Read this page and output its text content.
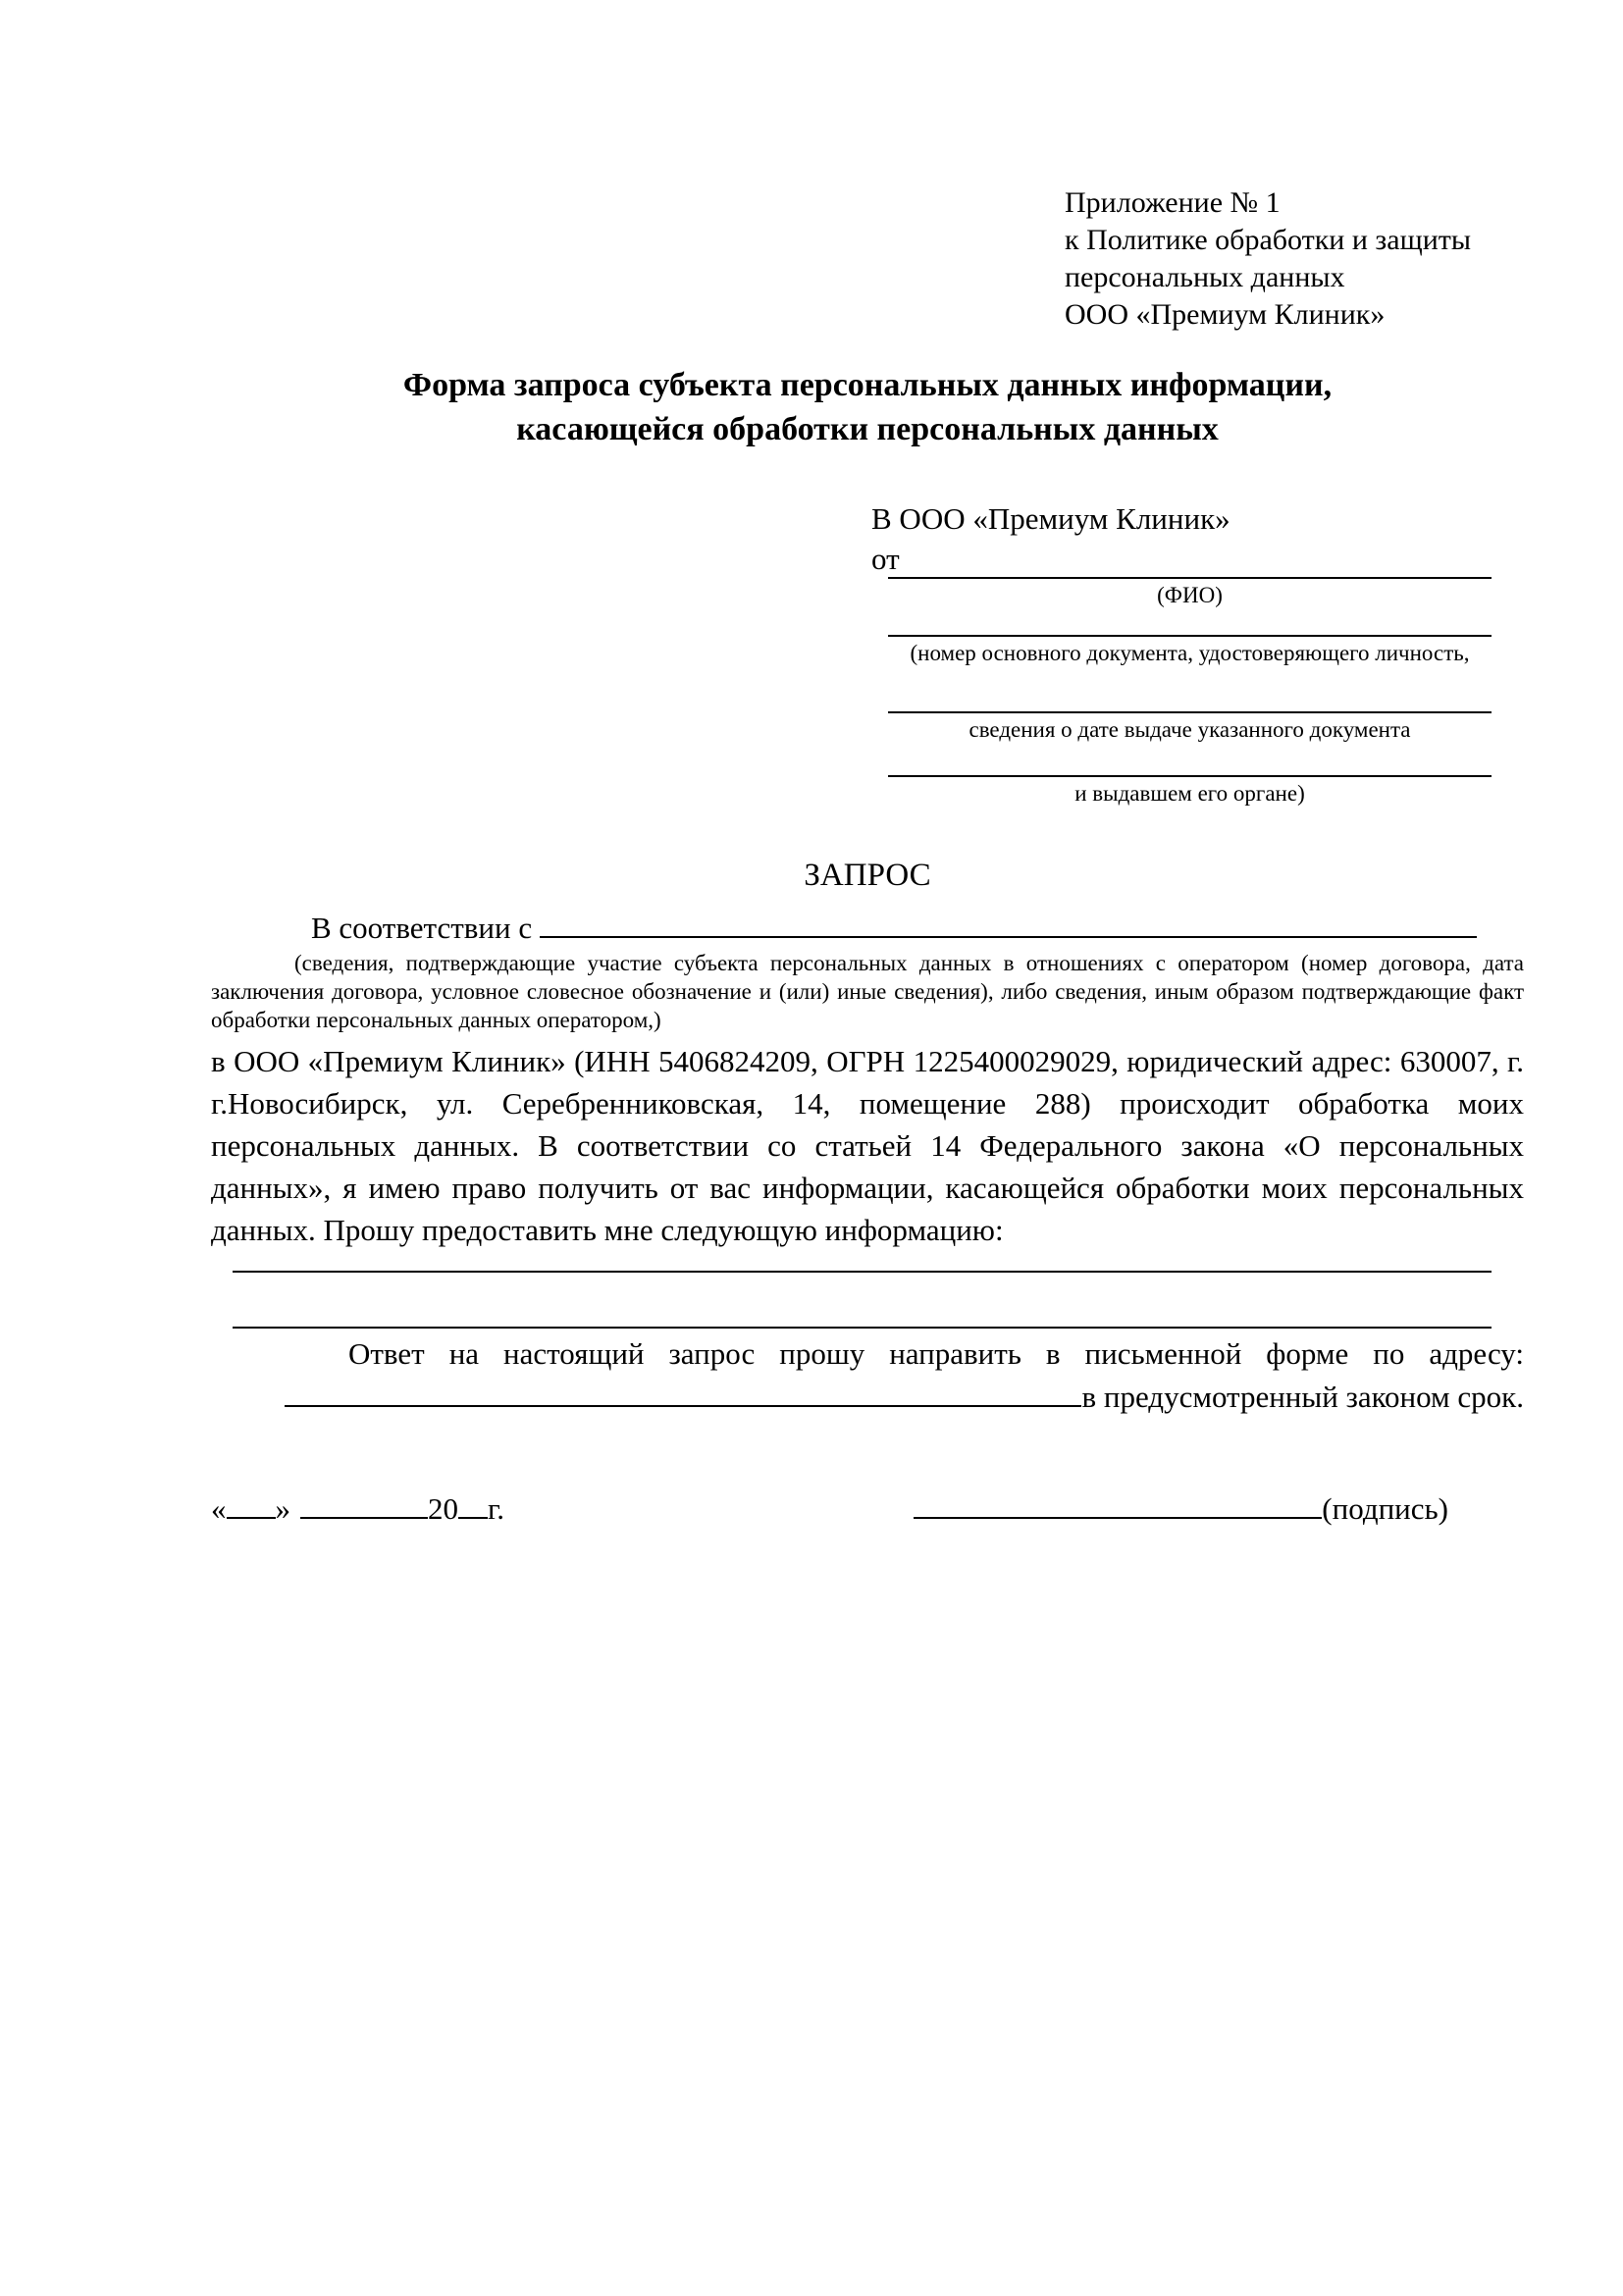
Приложение № 1
к Политике обработки и защиты
персональных данных
ООО «Премиум Клиник»
Форма запроса субъекта персональных данных информации,
касающейся обработки персональных данных
В ООО «Премиум Клиник»
от
(ФИО)
(номер основного документа, удостоверяющего личность,
сведения о дате выдаче указанного документа
и выдавшем его органе)
ЗАПРОС
В соответствии с
(сведения, подтверждающие участие субъекта персональных данных в отношениях с оператором (номер договора, дата заключения договора, условное словесное обозначение и (или) иные сведения), либо сведения, иным образом подтверждающие факт обработки персональных данных оператором,)
в ООО «Премиум Клиник» (ИНН 5406824209, ОГРН 1225400029029, юридический адрес: 630007, г. г.Новосибирск, ул. Серебренниковская, 14, помещение 288) происходит обработка моих персональных данных. В соответствии со статьей 14 Федерального закона «О персональных данных», я имею право получить от вас информации, касающейся обработки моих персональных данных. Прошу предоставить мне следующую информацию:
Ответ на настоящий запрос прошу направить в письменной форме по адресу:
в предусмотренный законом срок.
« »	20 г.	(подпись)
